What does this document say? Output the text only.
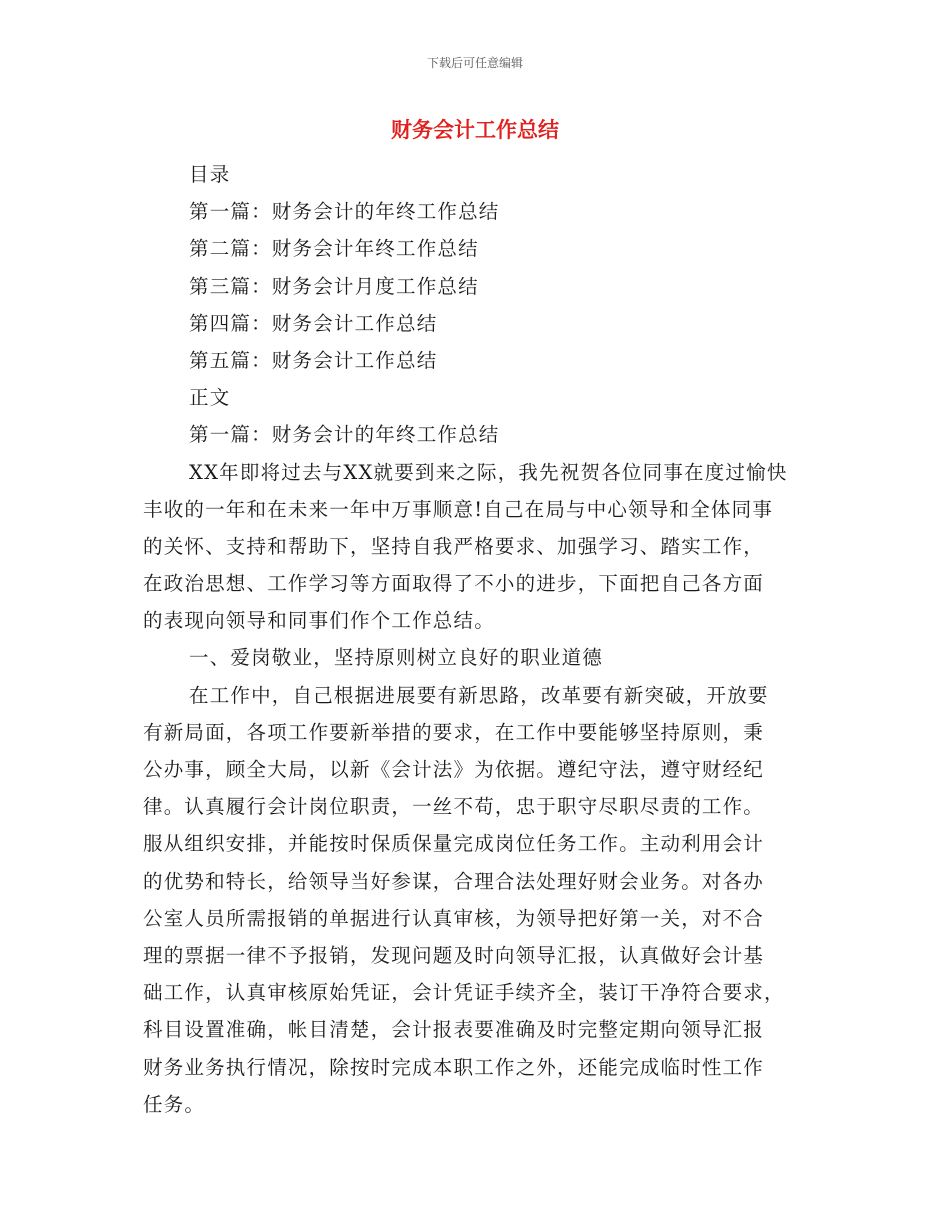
下载后可任意编辑
财务会计工作总结
目录
第一篇：财务会计的年终工作总结
第二篇：财务会计年终工作总结
第三篇：财务会计月度工作总结
第四篇：财务会计工作总结
第五篇：财务会计工作总结
正文
第一篇：财务会计的年终工作总结
XX年即将过去与XX就要到来之际，我先祝贺各位同事在度过愉快
丰收的一年和在未来一年中万事顺意!自己在局与中心领导和全体同事
的关怀、支持和帮助下，坚持自我严格要求、加强学习、踏实工作，
在政治思想、工作学习等方面取得了不小的进步，下面把自己各方面
的表现向领导和同事们作个工作总结。
一、爱岗敬业，坚持原则树立良好的职业道德
在工作中，自己根据进展要有新思路，改革要有新突破，开放要
有新局面，各项工作要新举措的要求，在工作中要能够坚持原则，秉
公办事，顾全大局，以新《会计法》为依据。遵纪守法，遵守财经纪
律。认真履行会计岗位职责，一丝不苟，忠于职守尽职尽责的工作。
服从组织安排，并能按时保质保量完成岗位任务工作。主动利用会计
的优势和特长，给领导当好参谋，合理合法处理好财会业务。对各办
公室人员所需报销的单据进行认真审核，为领导把好第一关，对不合
理的票据一律不予报销，发现问题及时向领导汇报，认真做好会计基
础工作，认真审核原始凭证，会计凭证手续齐全，装订干净符合要求，
科目设置准确，帐目清楚，会计报表要准确及时完整定期向领导汇报
财务业务执行情况，除按时完成本职工作之外，还能完成临时性工作
任务。
